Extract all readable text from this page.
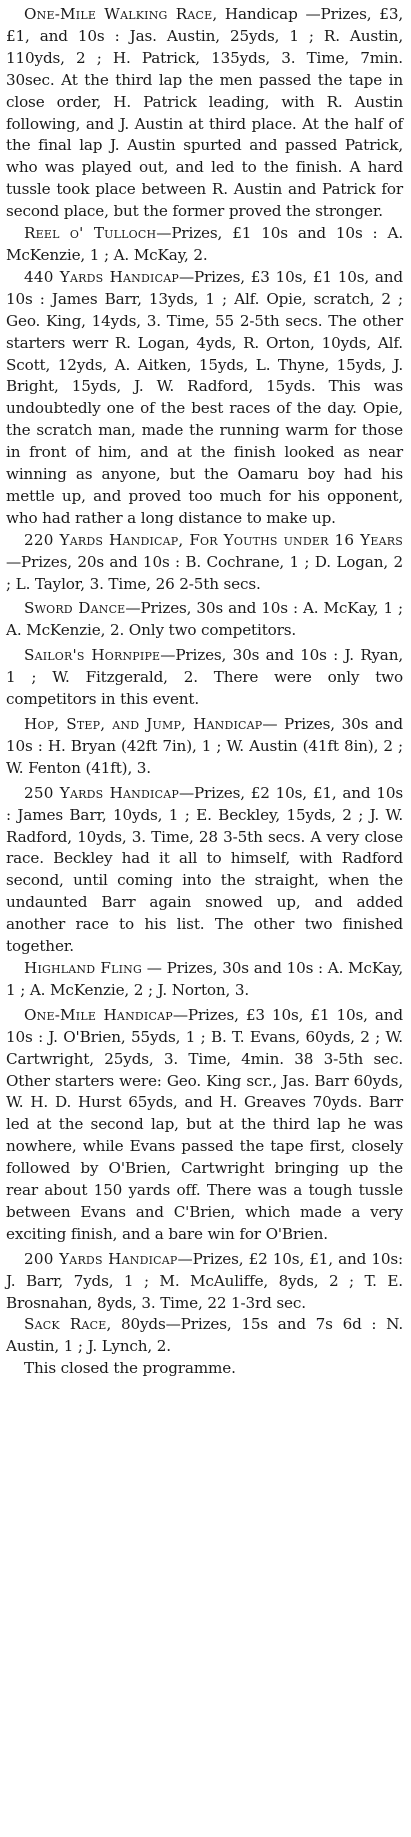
One-Mile Walking Race, Handicap —Prizes, £3, £1, and 10s : Jas. Austin, 25yds, 1 ; R. Austin, 110yds, 2 ; H. Patrick, 135yds, 3. Time, 7min. 30sec. At the third lap the men passed the tape in close order, H. Patrick leading, with R. Austin following, and J. Austin at third place. At the half of the final lap J. Austin spurted and passed Patrick, who was played out, and led to the finish. A hard tussle took place between R. Austin and Patrick for second place, but the former proved the stronger.

Reel o' Tulloch—Prizes, £1 10s and 10s : A. McKenzie, 1 ; A. McKay, 2.

440 Yards Handicap—Prizes, £3 10s, £1 10s, and 10s : James Barr, 13yds, 1 ; Alf. Opie, scratch, 2 ; Geo. King, 14yds, 3. Time, 55 2-5th secs. The other starters werr R. Logan, 4yds, R. Orton, 10yds, Alf. Scott, 12yds, A. Aitken, 15yds, L. Thyne, 15yds, J. Bright, 15yds, J. W. Radford, 15yds. This was undoubtedly one of the best races of the day. Opie, the scratch man, made the running warm for those in front of him, and at the finish looked as near winning as anyone, but the Oamaru boy had his mettle up, and proved too much for his opponent, who had rather a long distance to make up.

220 Yards Handicap, For Youths under 16 Years—Prizes, 20s and 10s : B. Cochrane, 1 ; D. Logan, 2 ; L. Taylor, 3. Time, 26 2-5th secs.

Sword Dance—Prizes, 30s and 10s : A. McKay, 1 ; A. McKenzie, 2. Only two competitors.

Sailor's Hornpipe—Prizes, 30s and 10s : J. Ryan, 1 ; W. Fitzgerald, 2. There were only two competitors in this event.

Hop, Step, and Jump, Handicap— Prizes, 30s and 10s : H. Bryan (42ft 7in), 1 ; W. Austin (41ft 8in), 2 ; W. Fenton (41ft), 3.

250 Yards Handicap—Prizes, £2 10s, £1, and 10s : James Barr, 10yds, 1 ; E. Beckley, 15yds, 2 ; J. W. Radford, 10yds, 3. Time, 28 3-5th secs. A very close race. Beckley had it all to himself, with Radford second, until coming into the straight, when the undaunted Barr again snowed up, and added another race to his list. The other two finished together.

Highland Fling — Prizes, 30s and 10s : A. McKay, 1 ; A. McKenzie, 2 ; J. Norton, 3.

One-Mile Handicap—Prizes, £3 10s, £1 10s, and 10s : J. O'Brien, 55yds, 1 ; B. T. Evans, 60yds, 2 ; W. Cartwright, 25yds, 3. Time, 4min. 38 3-5th sec. Other starters were: Geo. King scr., Jas. Barr 60yds, W. H. D. Hurst 65yds, and H. Greaves 70yds. Barr led at the second lap, but at the third lap he was nowhere, while Evans passed the tape first, closely followed by O'Brien, Cartwright bringing up the rear about 150 yards off. There was a tough tussle between Evans and C'Brien, which made a very exciting finish, and a bare win for O'Brien.

200 Yards Handicap—Prizes, £2 10s, £1, and 10s: J. Barr, 7yds, 1 ; M. McAuliffe, 8yds, 2 ; T. E. Brosnahan, 8yds, 3. Time, 22 1-3rd sec.

Sack Race, 80yds—Prizes, 15s and 7s 6d : N. Austin, 1 ; J. Lynch, 2.

This closed the programme.
